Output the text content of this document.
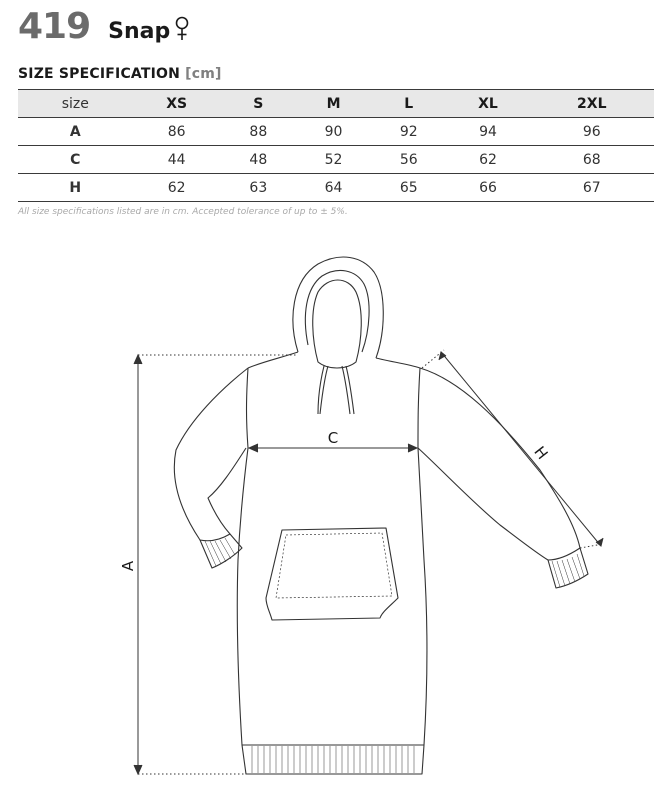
419 Snap
SIZE SPECIFICATION [cm]
size	XS	S	M	L	XL	2XL
A	86	88	90	92	94	96
C	44	48	52	56	62	68
H	62	63	64	65	66	67
All size specifications listed are in cm. Accepted tolerance of up to ± 5%.
A
C
H
